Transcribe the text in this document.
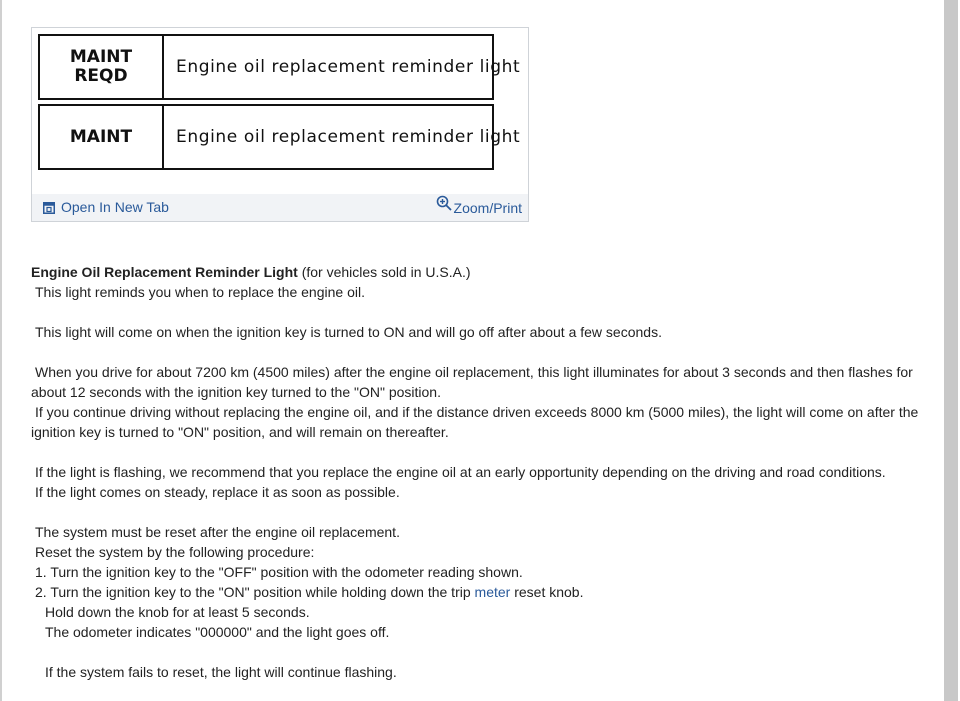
MAINT
REQD	Engine oil replacement reminder light
MAINT	Engine oil replacement reminder light
Open In New Tab	Zoom/Print

Engine Oil Replacement Reminder Light (for vehicles sold in U.S.A.)

This light reminds you when to replace the engine oil.

This light will come on when the ignition key is turned to ON and will go off after about a few seconds.

When you drive for about 7200 km (4500 miles) after the engine oil replacement, this light illuminates for about 3 seconds and then flashes for about 12 seconds with the ignition key turned to the "ON" position.

If you continue driving without replacing the engine oil, and if the distance driven exceeds 8000 km (5000 miles), the light will come on after the ignition key is turned to "ON" position, and will remain on thereafter.

If the light is flashing, we recommend that you replace the engine oil at an early opportunity depending on the driving and road conditions.

If the light comes on steady, replace it as soon as possible.

The system must be reset after the engine oil replacement.

Reset the system by the following procedure:

1. Turn the ignition key to the "OFF" position with the odometer reading shown.

2. Turn the ignition key to the "ON" position while holding down the trip meter reset knob.

Hold down the knob for at least 5 seconds.

The odometer indicates "000000" and the light goes off.

If the system fails to reset, the light will continue flashing.
